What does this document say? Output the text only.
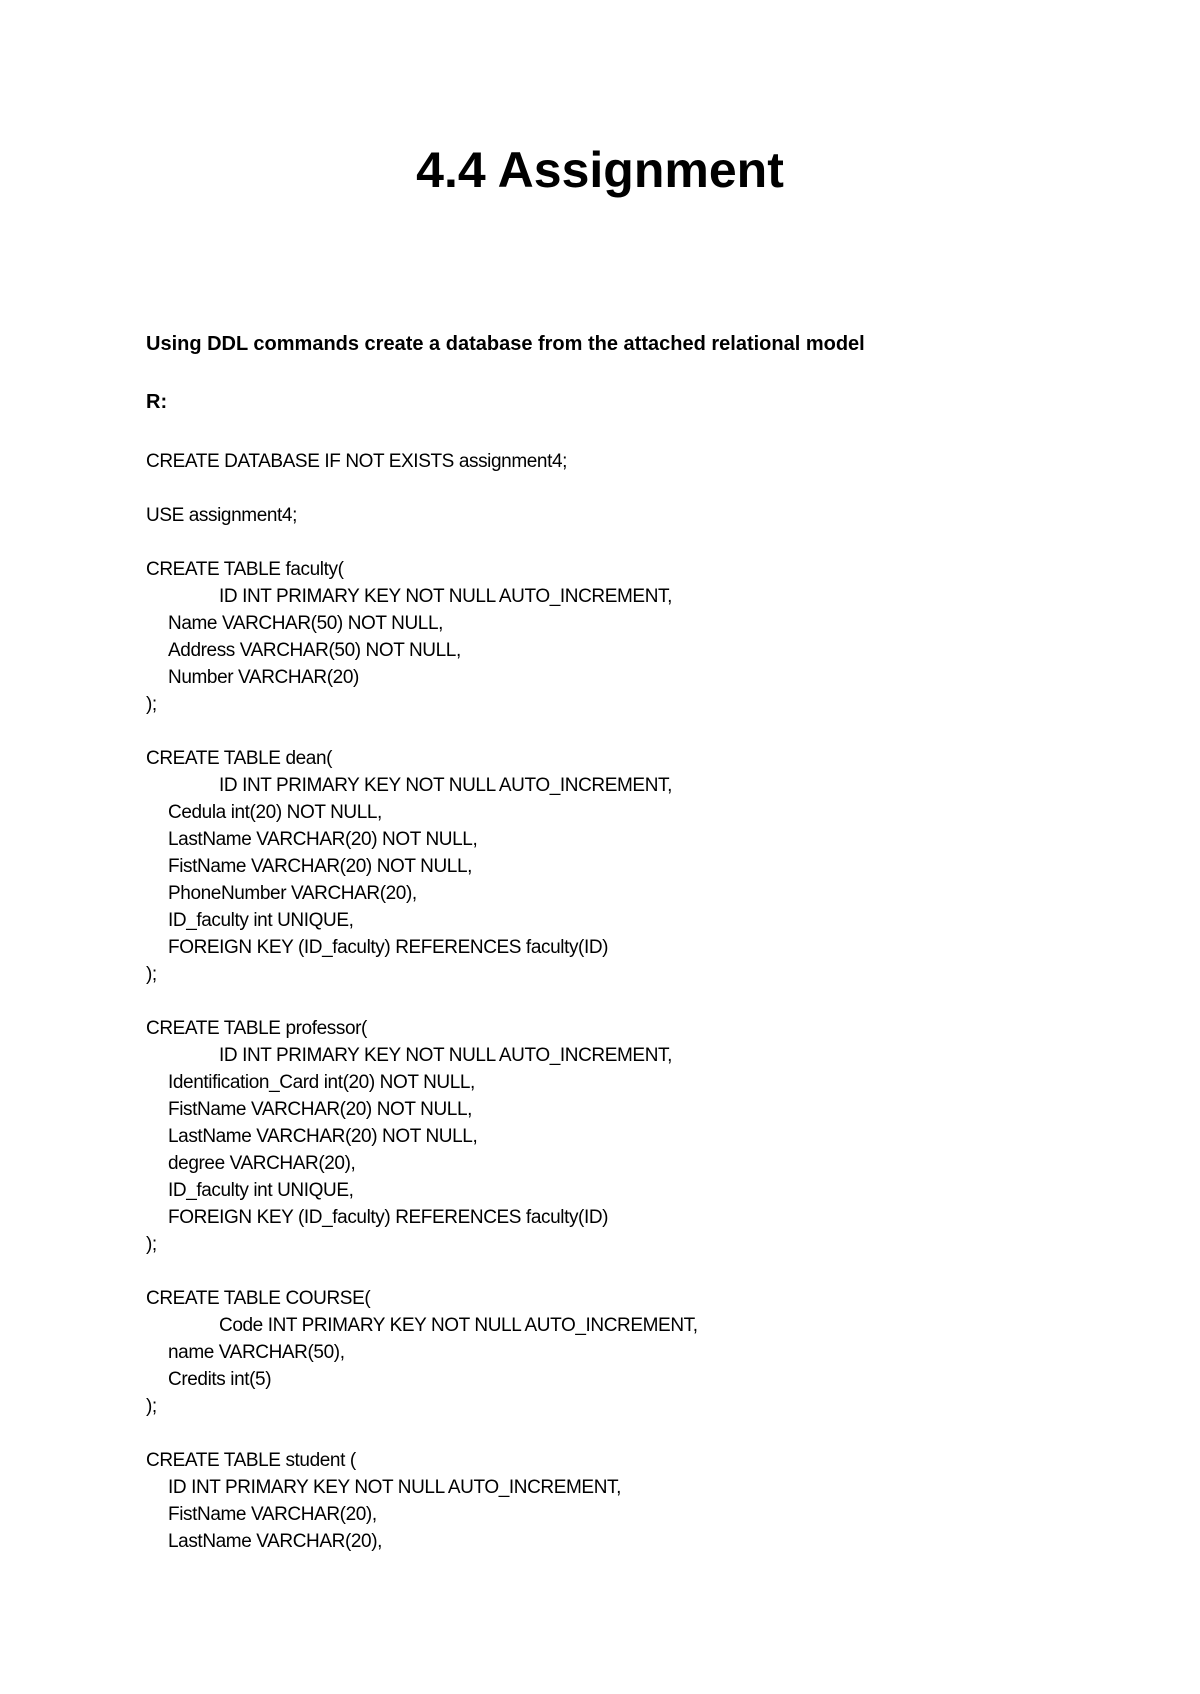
4.4 Assignment
Using DDL commands create a database from the attached relational model
R:
CREATE DATABASE IF NOT EXISTS assignment4;
USE assignment4;
CREATE TABLE faculty(
ID INT PRIMARY KEY NOT NULL AUTO_INCREMENT,
Name VARCHAR(50) NOT NULL,
Address VARCHAR(50) NOT NULL,
Number VARCHAR(20)
);
CREATE TABLE dean(
ID INT PRIMARY KEY NOT NULL AUTO_INCREMENT,
Cedula int(20) NOT NULL,
LastName VARCHAR(20) NOT NULL,
FistName VARCHAR(20) NOT NULL,
PhoneNumber VARCHAR(20),
ID_faculty int UNIQUE,
FOREIGN KEY (ID_faculty) REFERENCES faculty(ID)
);
CREATE TABLE professor(
ID INT PRIMARY KEY NOT NULL AUTO_INCREMENT,
Identification_Card int(20) NOT NULL,
FistName VARCHAR(20) NOT NULL,
LastName VARCHAR(20) NOT NULL,
degree VARCHAR(20),
ID_faculty int UNIQUE,
FOREIGN KEY (ID_faculty) REFERENCES faculty(ID)
);
CREATE TABLE COURSE(
Code INT PRIMARY KEY NOT NULL AUTO_INCREMENT,
name VARCHAR(50),
Credits int(5)
);
CREATE TABLE student (
ID INT PRIMARY KEY NOT NULL AUTO_INCREMENT,
FistName VARCHAR(20),
LastName VARCHAR(20),
